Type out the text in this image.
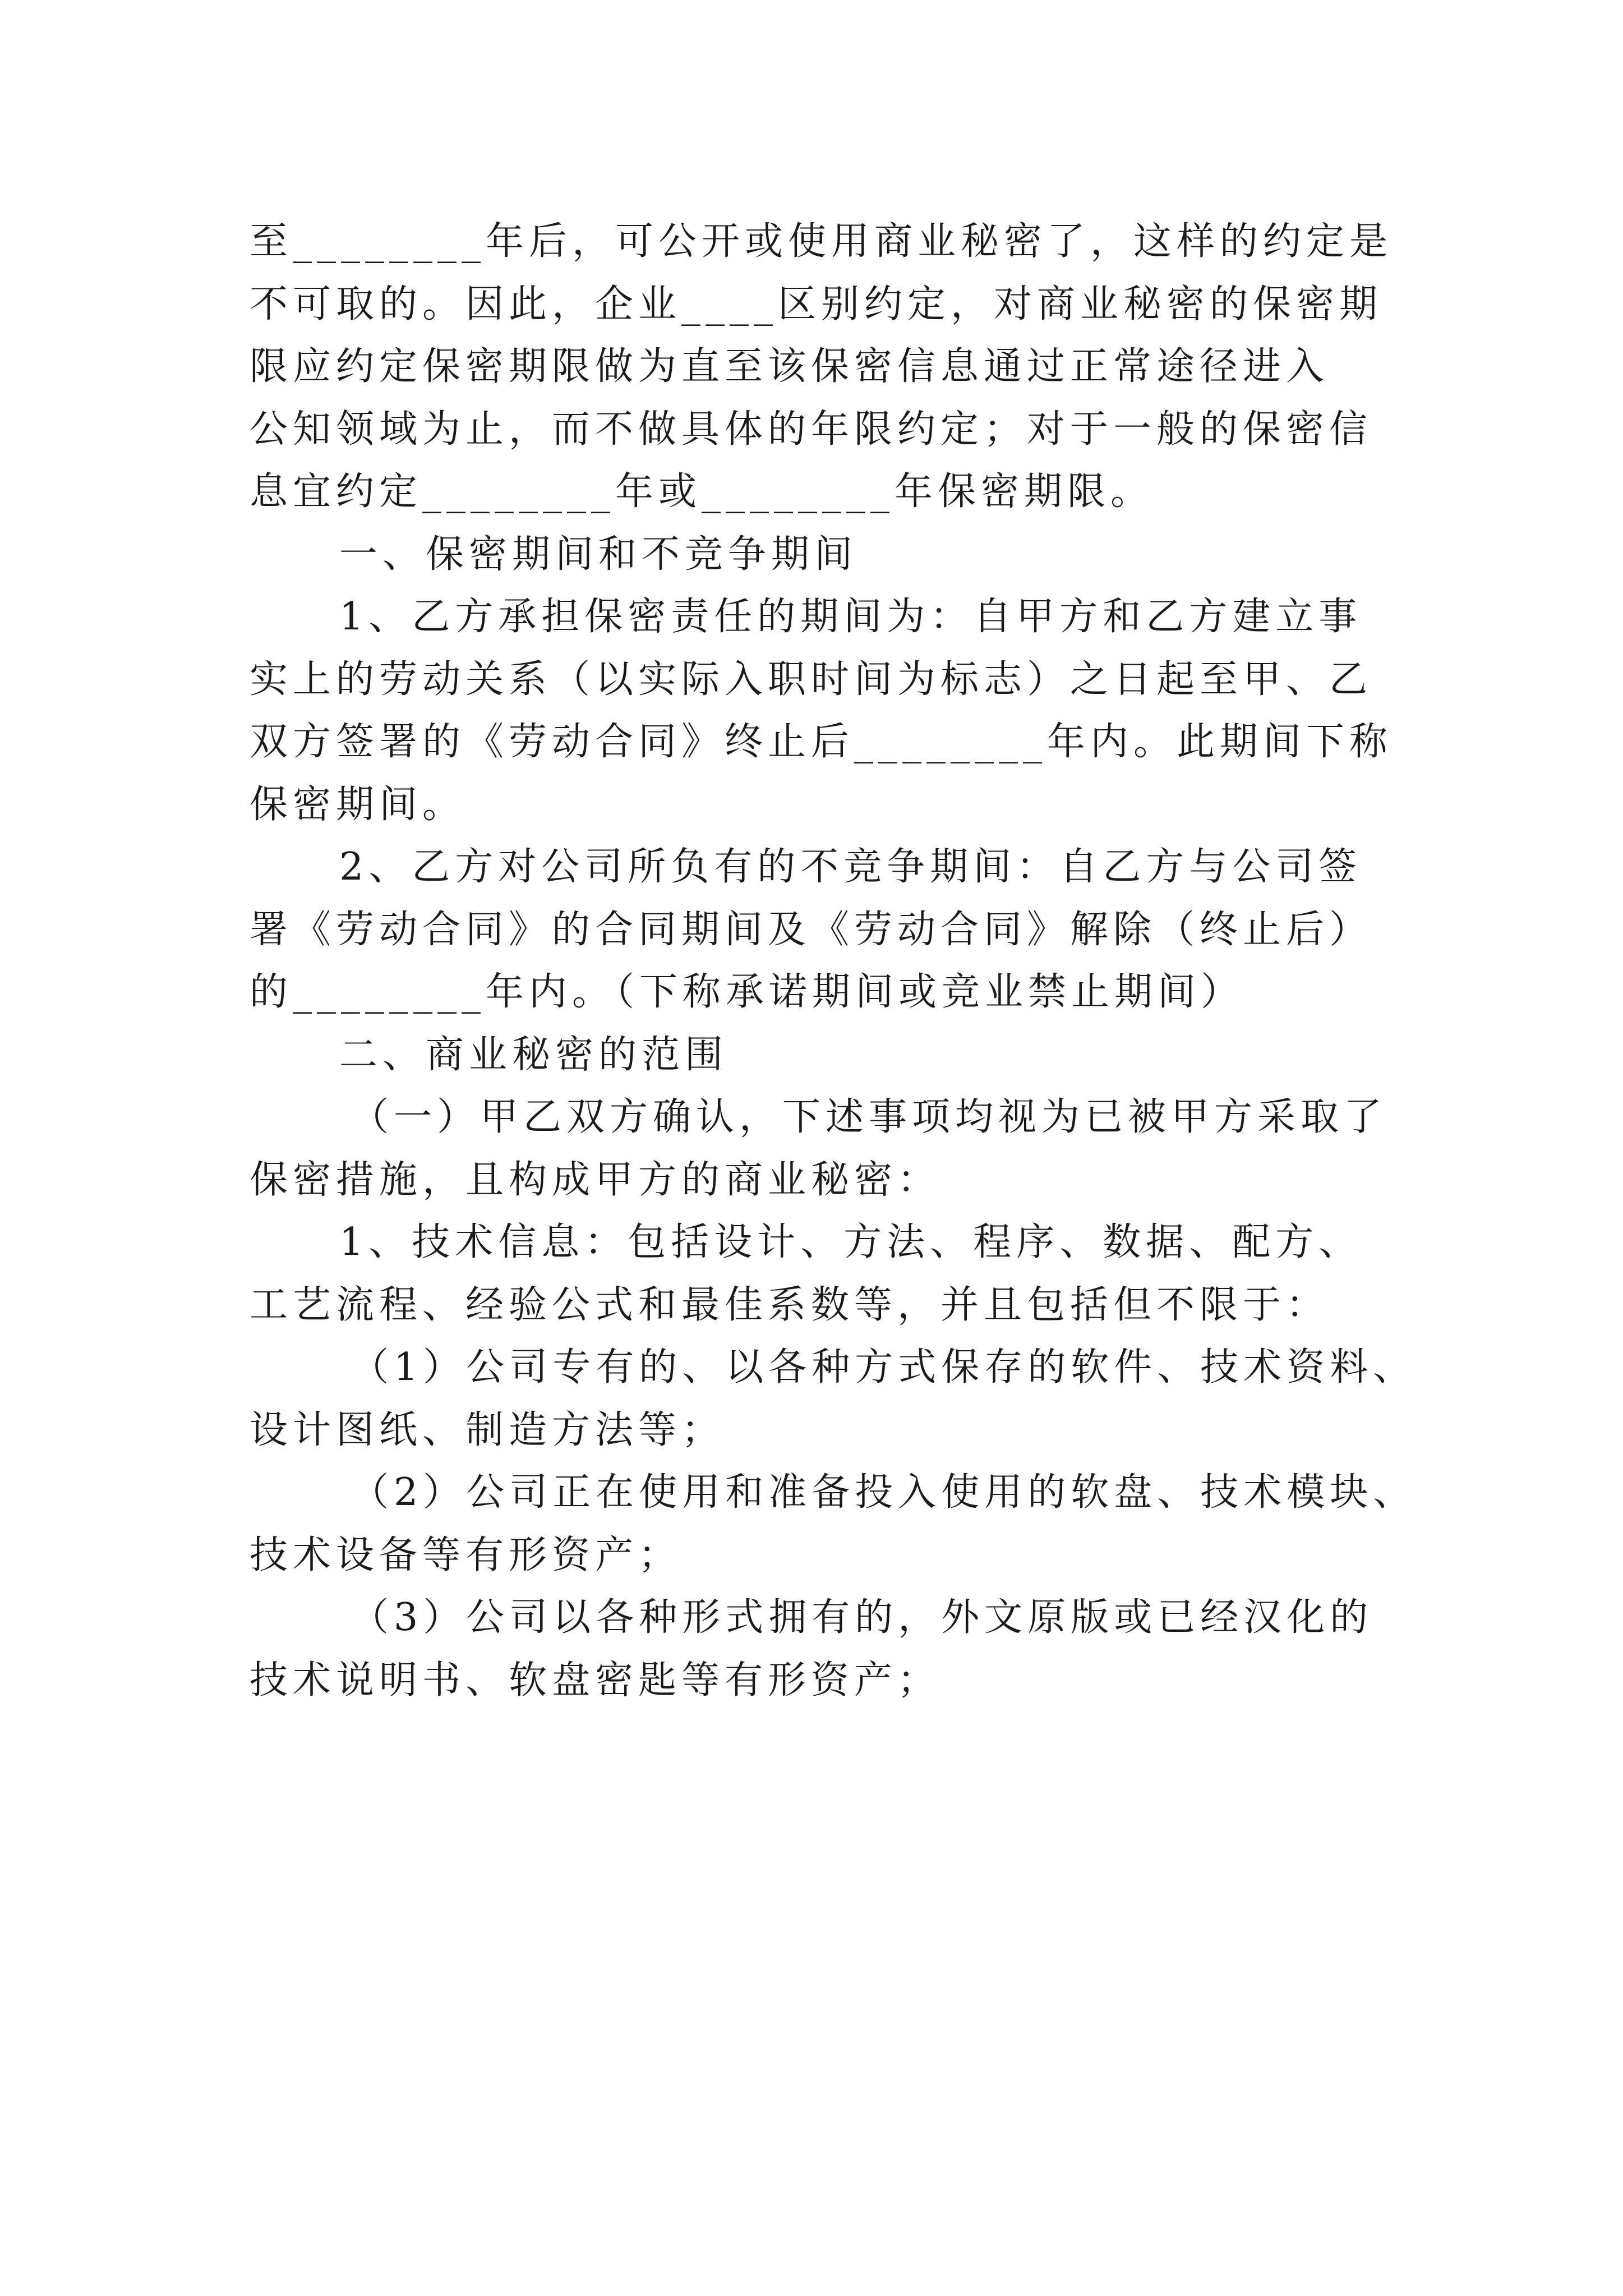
至________年后，可公开或使用商业秘密了，这样的约定是
不可取的。因此，企业____区别约定，对商业秘密的保密期
限应约定保密期限做为直至该保密信息通过正常途径进入
公知领域为止，而不做具体的年限约定；对于一般的保密信
息宜约定________年或________年保密期限。
一、保密期间和不竞争期间
1、乙方承担保密责任的期间为：自甲方和乙方建立事
实上的劳动关系（以实际入职时间为标志）之日起至甲、乙
双方签署的《劳动合同》终止后________年内。此期间下称
保密期间。
2、乙方对公司所负有的不竞争期间：自乙方与公司签
署《劳动合同》的合同期间及《劳动合同》解除（终止后）
的________年内。（下称承诺期间或竞业禁止期间）
二、商业秘密的范围
（一）甲乙双方确认，下述事项均视为已被甲方采取了
保密措施，且构成甲方的商业秘密：
1、技术信息：包括设计、方法、程序、数据、配方、
工艺流程、经验公式和最佳系数等，并且包括但不限于：
（1）公司专有的、以各种方式保存的软件、技术资料、
设计图纸、制造方法等；
（2）公司正在使用和准备投入使用的软盘、技术模块、
技术设备等有形资产；
（3）公司以各种形式拥有的，外文原版或已经汉化的
技术说明书、软盘密匙等有形资产；
